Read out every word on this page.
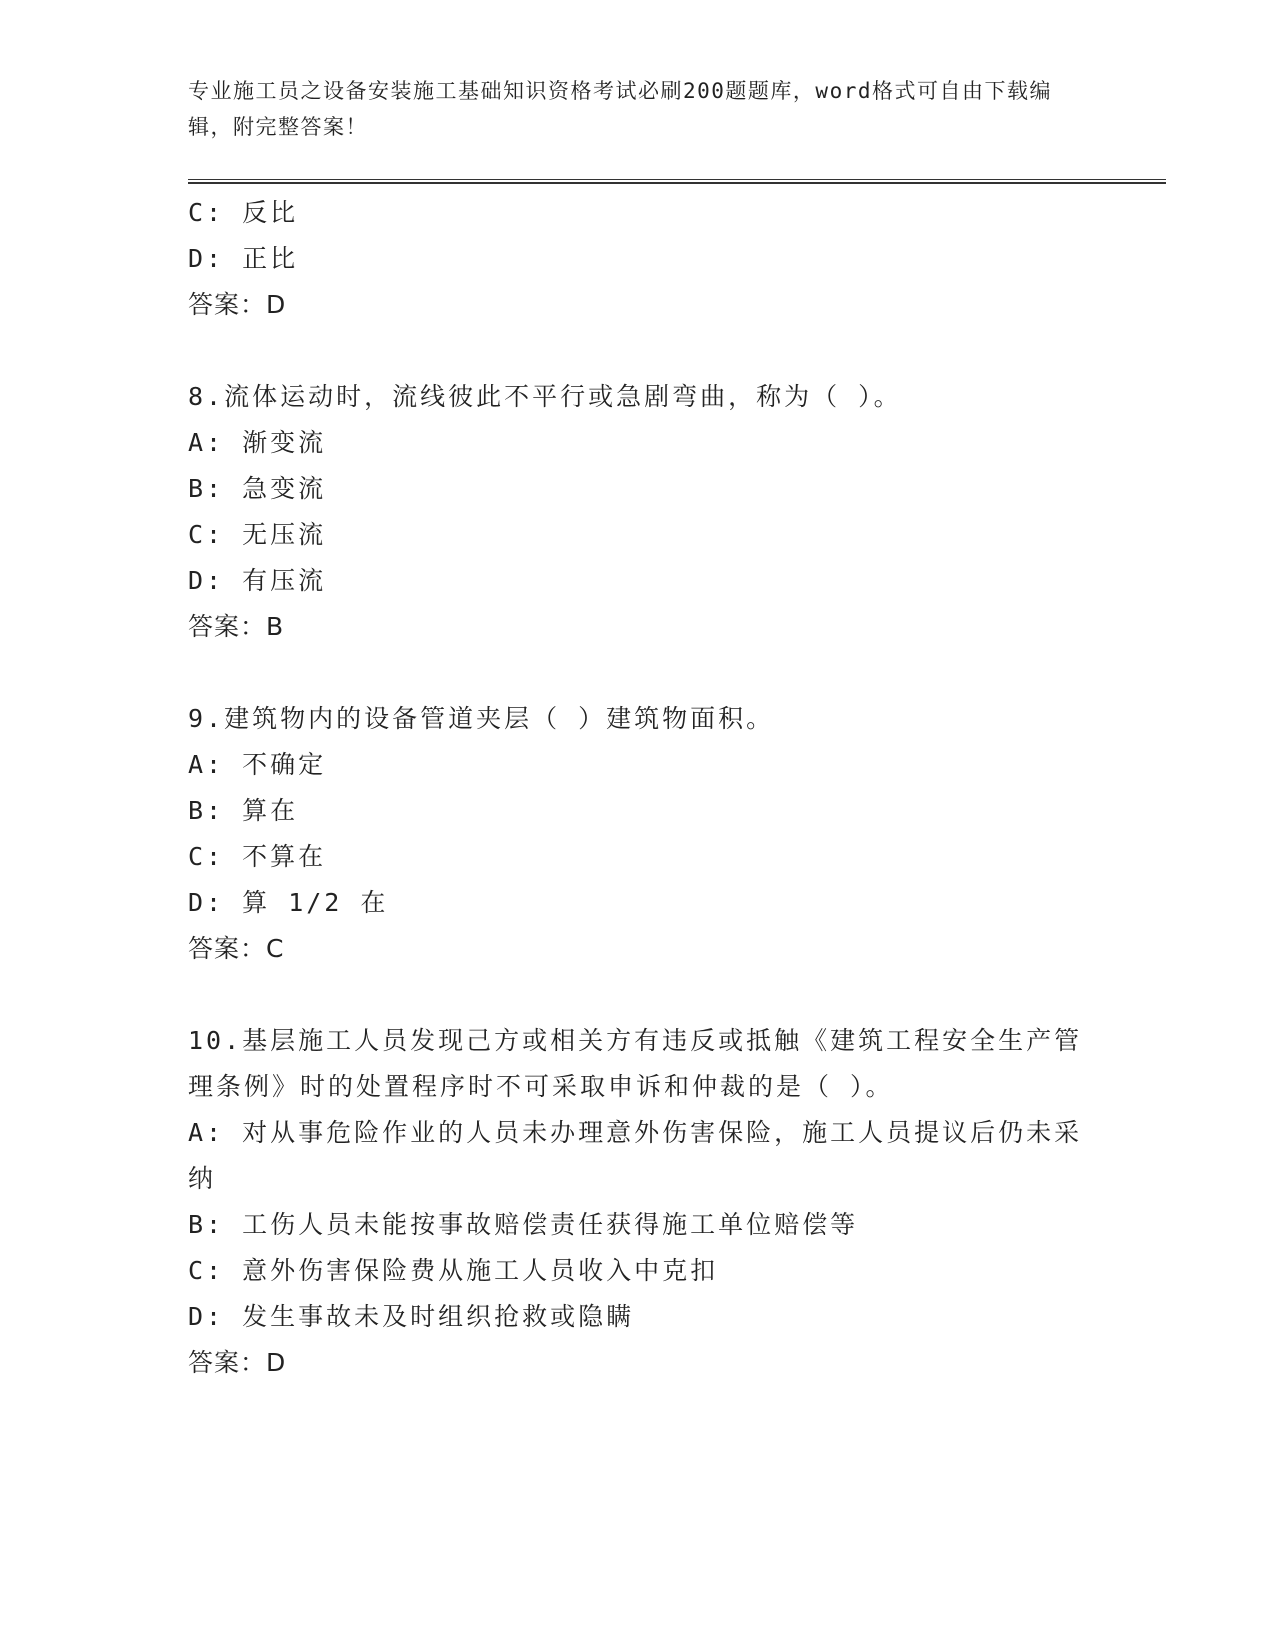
专业施工员之设备安装施工基础知识资格考试必刷200题题库，word格式可自由下载编辑，附完整答案！
C: 反比
D: 正比
答案：D
8.流体运动时，流线彼此不平行或急剧弯曲，称为（ ）。
A: 渐变流
B: 急变流
C: 无压流
D: 有压流
答案：B
9.建筑物内的设备管道夹层（ ）建筑物面积。
A: 不确定
B: 算在
C: 不算在
D: 算 1/2 在
答案：C
10.基层施工人员发现己方或相关方有违反或抵触《建筑工程安全生产管理条例》时的处置程序时不可采取申诉和仲裁的是（ ）。
A: 对从事危险作业的人员未办理意外伤害保险，施工人员提议后仍未采纳
B: 工伤人员未能按事故赔偿责任获得施工单位赔偿等
C: 意外伤害保险费从施工人员收入中克扣
D: 发生事故未及时组织抢救或隐瞒
答案：D
